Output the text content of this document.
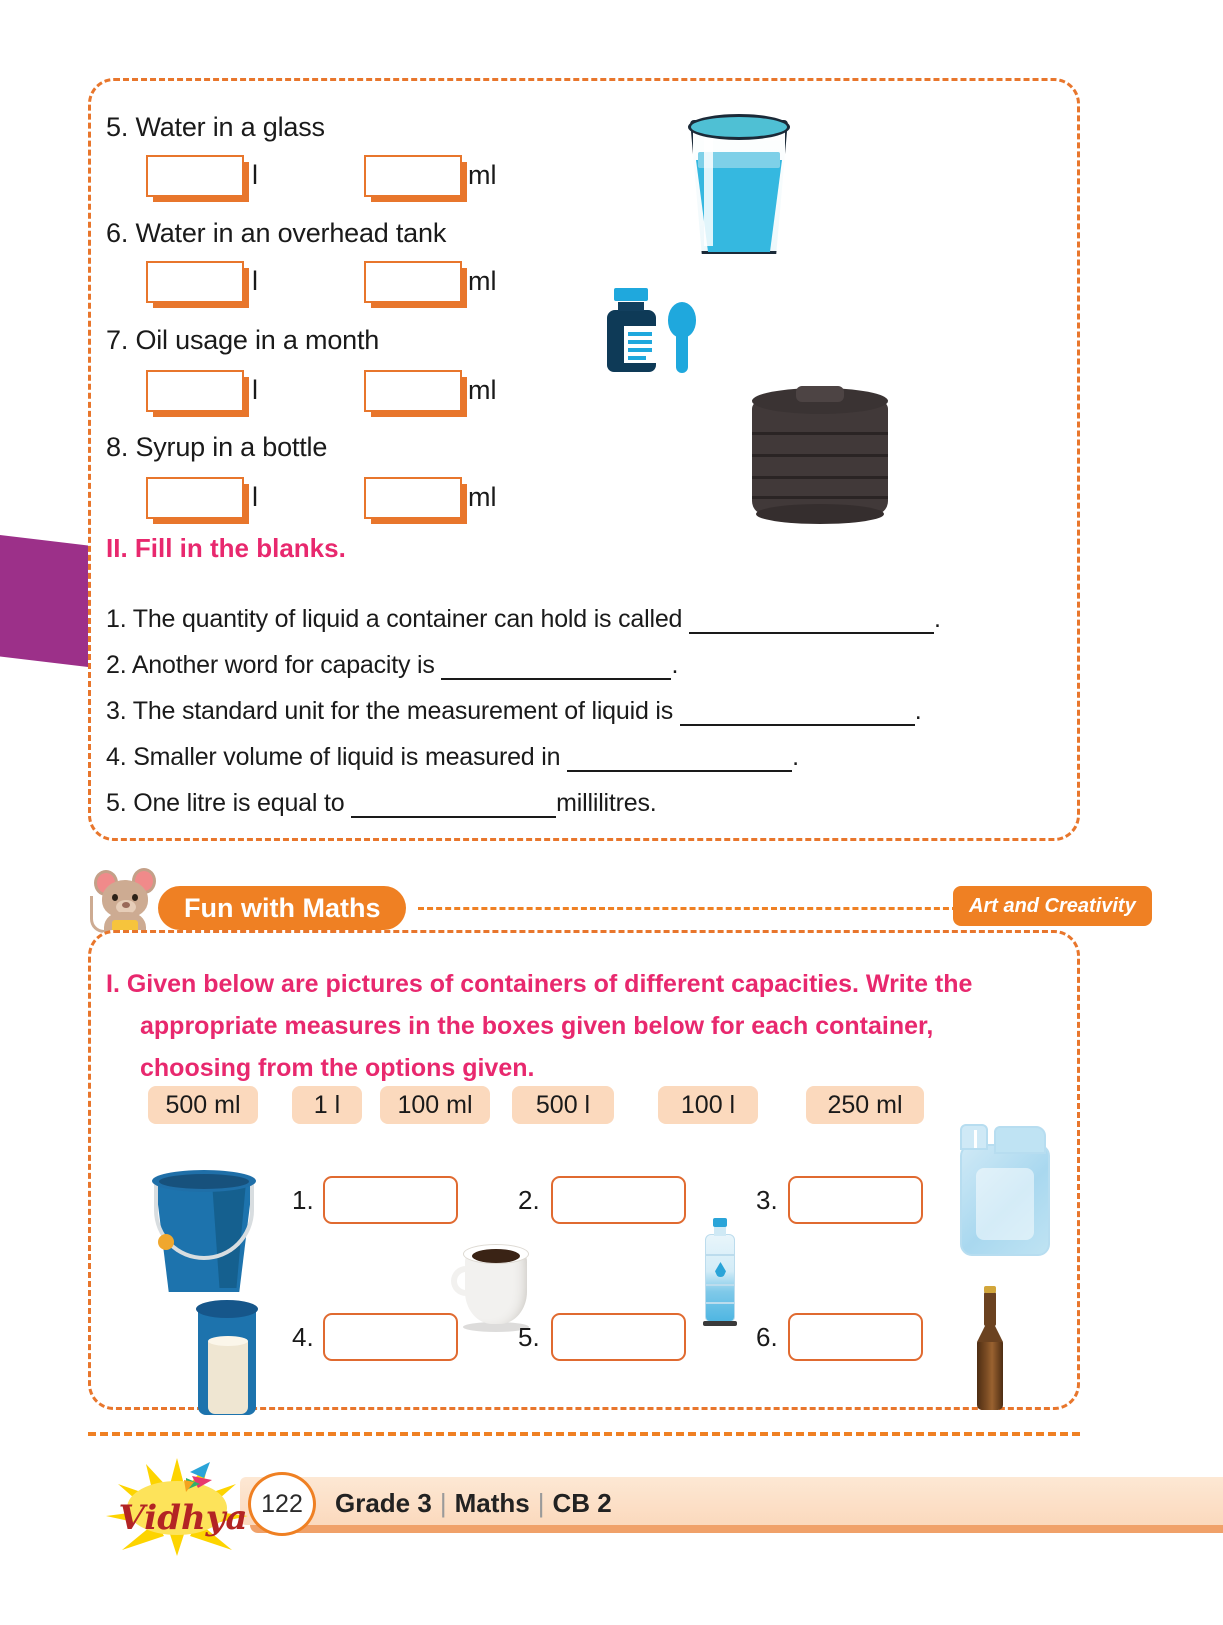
5. Water in a glass
l	ml
6. Water in an overhead tank
l	ml
7. Oil usage in a month
l	ml
8. Syrup in a bottle
l	ml
II. Fill in the blanks.
1. The quantity of liquid a container can hold is called	.
2. Another word for capacity is	.
3. The standard unit for the measurement of liquid is	.
4. Smaller volume of liquid is measured in	.
5. One litre is equal to	millilitres.
Fun with Maths	Art and Creativity
I. Given below are pictures of containers of different capacities. Write the
appropriate measures in the boxes given below for each container,
choosing from the options given.
500 ml	1 l	100 ml	500 l	100 l	250 ml
1.	2.	3.
4.	5.	6.
Vidhya 122	Grade 3 | Maths | CB 2
